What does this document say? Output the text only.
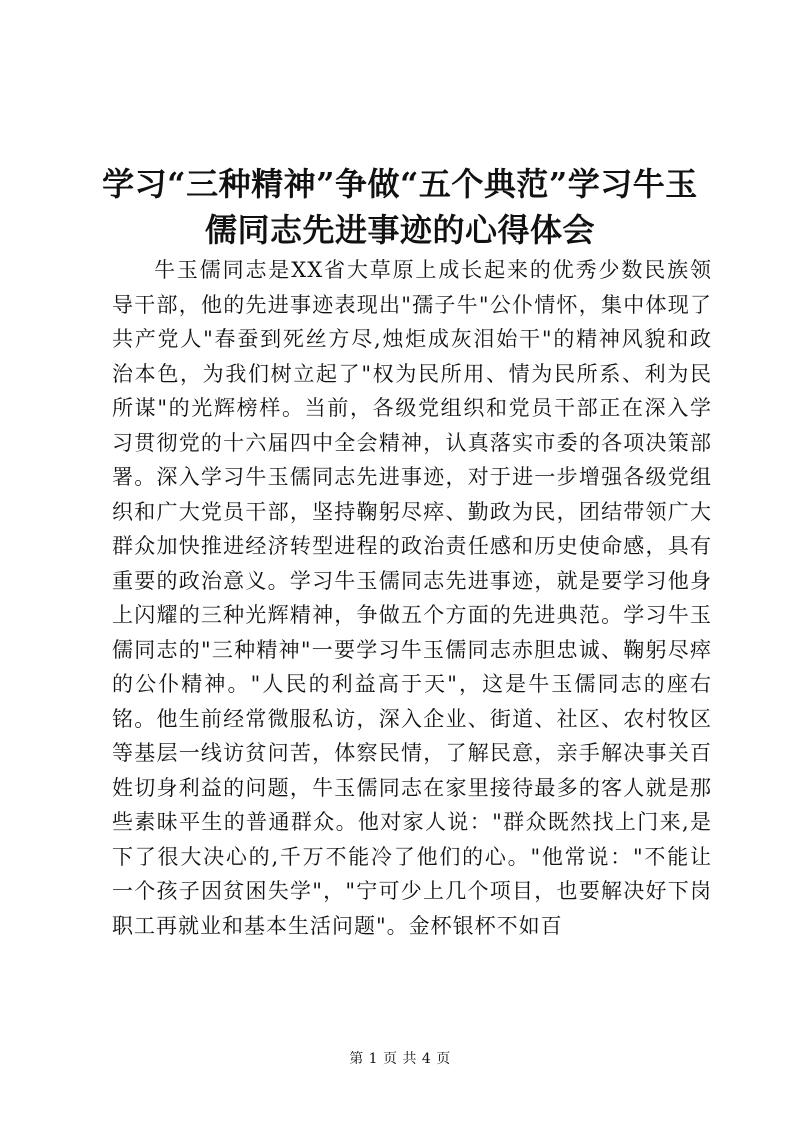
学习“三种精神”争做“五个典范”学习牛玉儒同志先进事迹的心得体会

牛玉儒同志是XX省大草原上成长起来的优秀少数民族领导干部，他的先进事迹表现出"孺子牛"公仆情怀，集中体现了共产党人"春蚕到死丝方尽,烛炬成灰泪始干"的精神风貌和政治本色，为我们树立起了"权为民所用、情为民所系、利为民所谋"的光辉榜样。当前，各级党组织和党员干部正在深入学习贯彻党的十六届四中全会精神，认真落实市委的各项决策部署。深入学习牛玉儒同志先进事迹，对于进一步增强各级党组织和广大党员干部，坚持鞠躬尽瘁、勤政为民，团结带领广大群众加快推进经济转型进程的政治责任感和历史使命感，具有重要的政治意义。学习牛玉儒同志先进事迹，就是要学习他身上闪耀的三种光辉精神，争做五个方面的先进典范。学习牛玉儒同志的"三种精神"一要学习牛玉儒同志赤胆忠诚、鞠躬尽瘁的公仆精神。"人民的利益高于天"，这是牛玉儒同志的座右铭。他生前经常微服私访，深入企业、街道、社区、农村牧区等基层一线访贫问苦，体察民情，了解民意，亲手解决事关百姓切身利益的问题，牛玉儒同志在家里接待最多的客人就是那些素昧平生的普通群众。他对家人说："群众既然找上门来,是下了很大决心的,千万不能冷了他们的心。"他常说："不能让一个孩子因贫困失学"，"宁可少上几个项目，也要解决好下岗职工再就业和基本生活问题"。金杯银杯不如百

第 1 页 共 4 页
